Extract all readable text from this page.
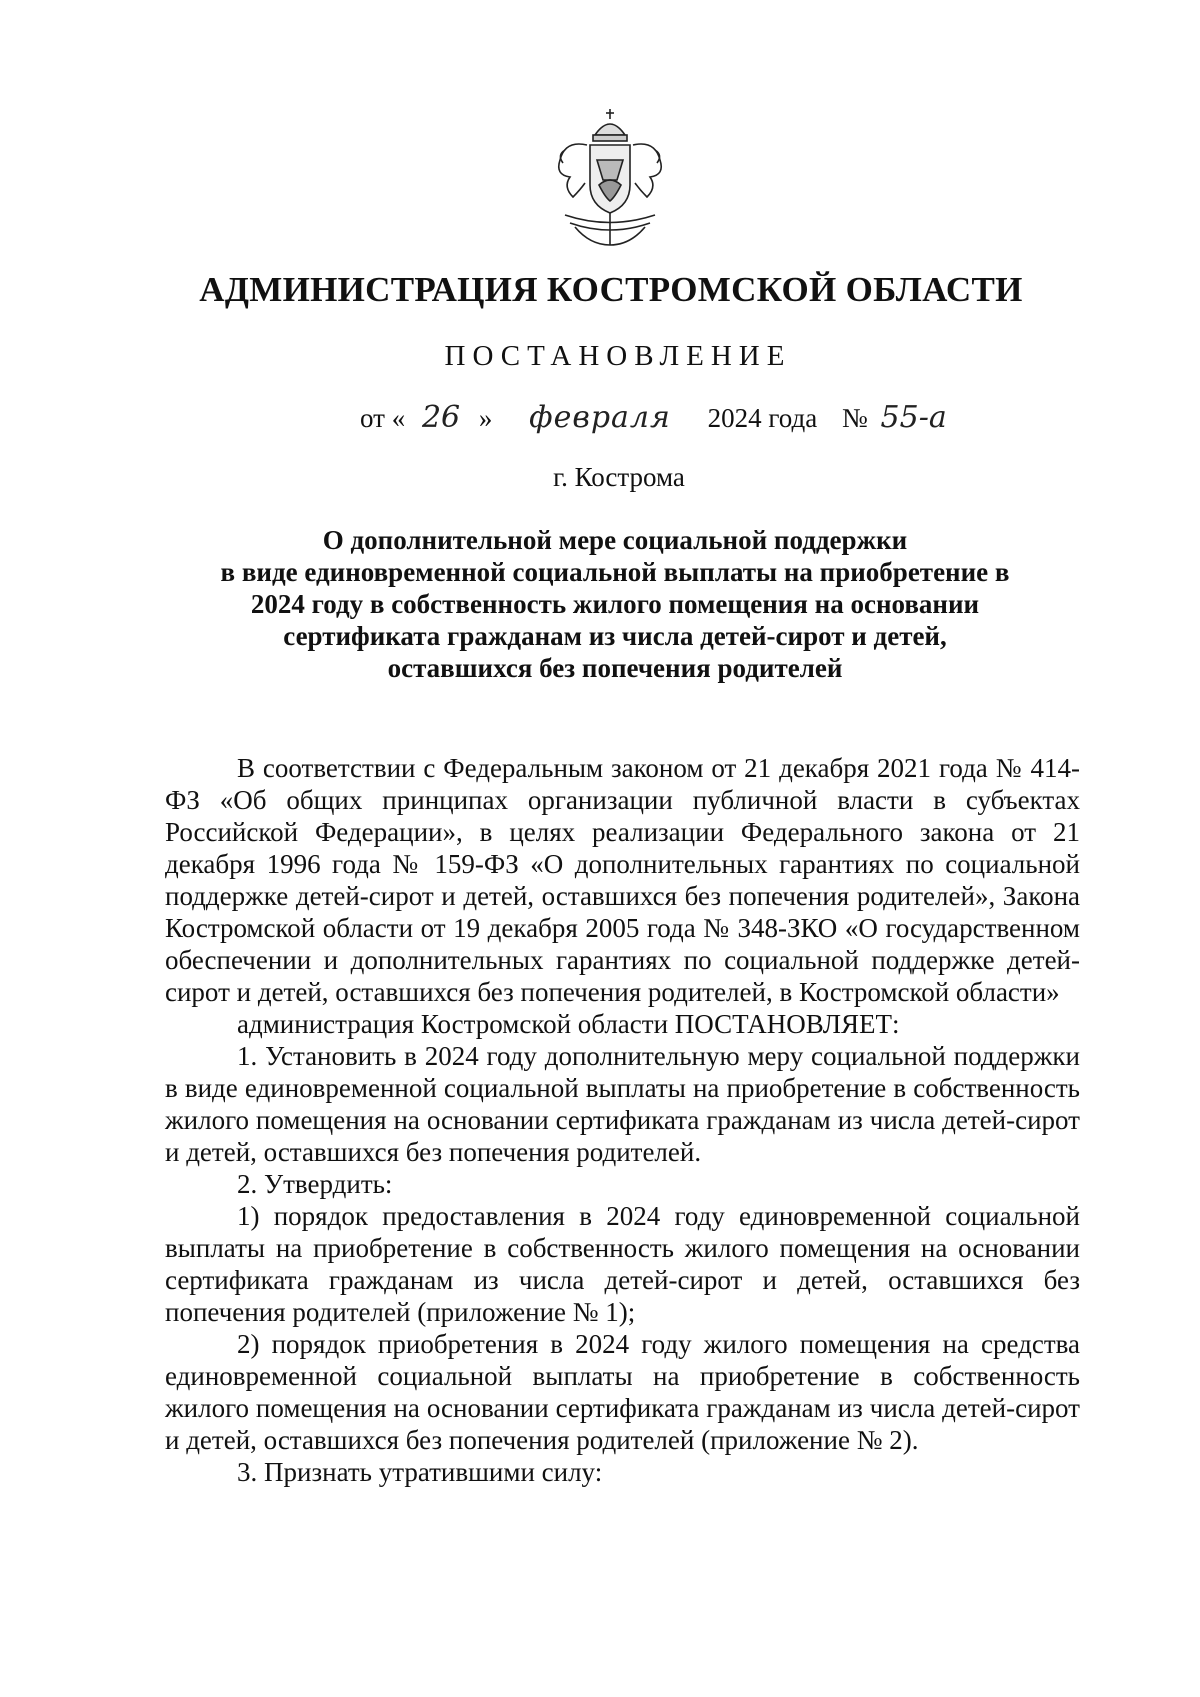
АДМИНИСТРАЦИЯ КОСТРОМСКОЙ ОБЛАСТИ
ПОСТАНОВЛЕНИЕ
от « 26 » февраля 2024 года № 55-а
г. Кострома
О дополнительной мере социальной поддержки
в виде единовременной социальной выплаты на приобретение в
2024 году в собственность жилого помещения на основании
сертификата гражданам из числа детей-сирот и детей,
оставшихся без попечения родителей

В соответствии с Федеральным законом от 21 декабря 2021 года № 414-ФЗ «Об общих принципах организации публичной власти в субъектах Российской Федерации», в целях реализации Федерального закона от 21 декабря 1996 года № 159-ФЗ «О дополнительных гарантиях по социальной поддержке детей-сирот и детей, оставшихся без попечения родителей», Закона Костромской области от 19 декабря 2005 года № 348-ЗКО «О государственном обеспечении и дополнительных гарантиях по социальной поддержке детей-сирот и детей, оставшихся без попечения родителей, в Костромской области»

администрация Костромской области ПОСТАНОВЛЯЕТ:

1. Установить в 2024 году дополнительную меру социальной поддержки в виде единовременной социальной выплаты на приобретение в собственность жилого помещения на основании сертификата гражданам из числа детей-сирот и детей, оставшихся без попечения родителей.

2. Утвердить:

1) порядок предоставления в 2024 году единовременной социальной выплаты на приобретение в собственность жилого помещения на основании сертификата гражданам из числа детей-сирот и детей, оставшихся без попечения родителей (приложение № 1);

2) порядок приобретения в 2024 году жилого помещения на средства единовременной социальной выплаты на приобретение в собственность жилого помещения на основании сертификата гражданам из числа детей-сирот и детей, оставшихся без попечения родителей (приложение № 2).

3. Признать утратившими силу:
